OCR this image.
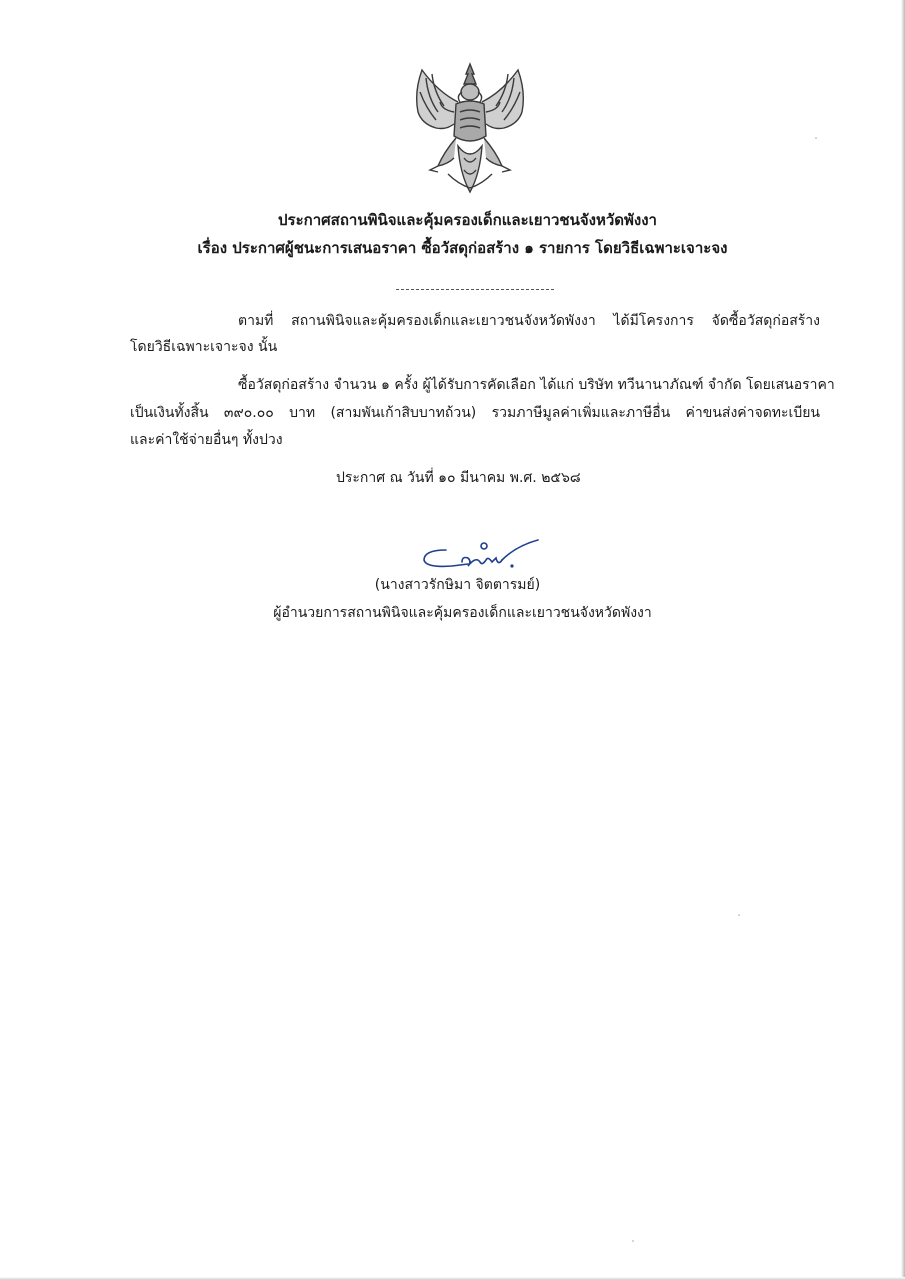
ประกาศสถานพินิจและคุ้มครองเด็กและเยาวชนจังหวัดพังงา
เรื่อง ประกาศผู้ชนะการเสนอราคา ซื้อวัสดุก่อสร้าง ๑ รายการ โดยวิธีเฉพาะเจาะจง
ตามที่ สถานพินิจและคุ้มครองเด็กและเยาวชนจังหวัดพังงา ได้มีโครงการ จัดซื้อวัสดุก่อสร้าง
โดยวิธีเฉพาะเจาะจง นั้น
ซื้อวัสดุก่อสร้าง จำนวน ๑ ครั้ง ผู้ได้รับการคัดเลือก ได้แก่ บริษัท ทวีนานาภัณฑ์ จำกัด โดยเสนอราคา
เป็นเงินทั้งสิ้น ๓๙๐.๐๐ บาท (สามพันเก้าสิบบาทถ้วน) รวมภาษีมูลค่าเพิ่มและภาษีอื่น ค่าขนส่งค่าจดทะเบียน
และค่าใช้จ่ายอื่นๆ ทั้งปวง
ประกาศ ณ วันที่ ๑๐ มีนาคม พ.ศ. ๒๕๖๘
(นางสาวรักษิมา จิตตารมย์)
ผู้อำนวยการสถานพินิจและคุ้มครองเด็กและเยาวชนจังหวัดพังงา
